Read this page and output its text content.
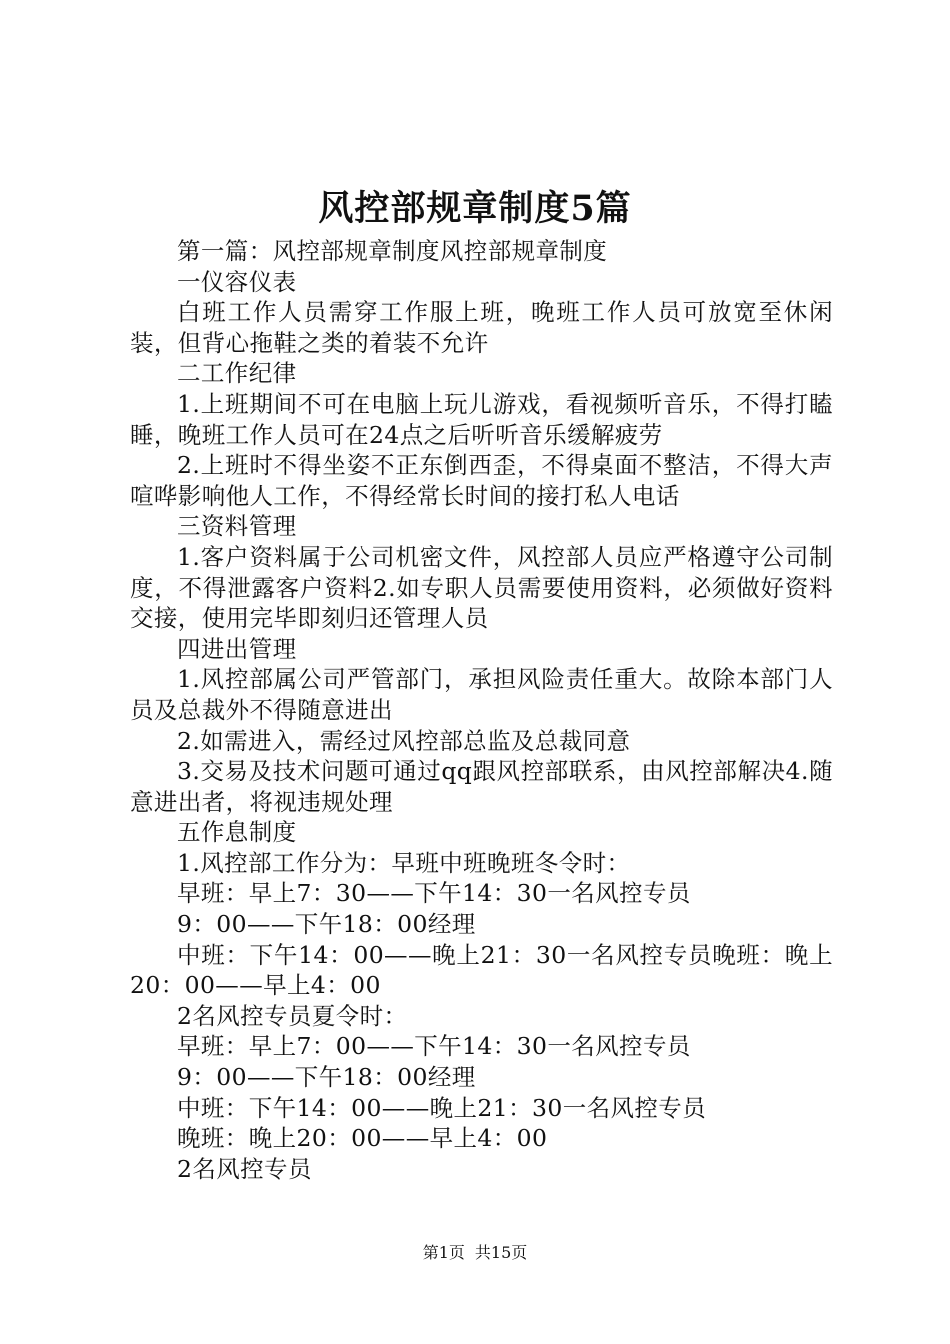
风控部规章制度5篇

第一篇：风控部规章制度风控部规章制度

一仪容仪表

白班工作人员需穿工作服上班，晚班工作人员可放宽至休闲装，但背心拖鞋之类的着装不允许

二工作纪律

1.上班期间不可在电脑上玩儿游戏，看视频听音乐，不得打瞌睡，晚班工作人员可在24点之后听听音乐缓解疲劳

2.上班时不得坐姿不正东倒西歪，不得桌面不整洁，不得大声喧哗影响他人工作，不得经常长时间的接打私人电话

三资料管理

1.客户资料属于公司机密文件，风控部人员应严格遵守公司制度，不得泄露客户资料2.如专职人员需要使用资料，必须做好资料交接，使用完毕即刻归还管理人员

四进出管理

1.风控部属公司严管部门，承担风险责任重大。故除本部门人员及总裁外不得随意进出

2.如需进入，需经过风控部总监及总裁同意

3.交易及技术问题可通过qq跟风控部联系，由风控部解决4.随意进出者，将视违规处理

五作息制度

1.风控部工作分为：早班中班晚班冬令时：

早班：早上7：30——下午14：30一名风控专员

9：00——下午18：00经理

中班：下午14：00——晚上21：30一名风控专员晚班：晚上20：00——早上4：00

2名风控专员夏令时：

早班：早上7：00——下午14：30一名风控专员

9：00——下午18：00经理

中班：下午14：00——晚上21：30一名风控专员

晚班：晚上20：00——早上4：00

2名风控专员

第1页 共15页
